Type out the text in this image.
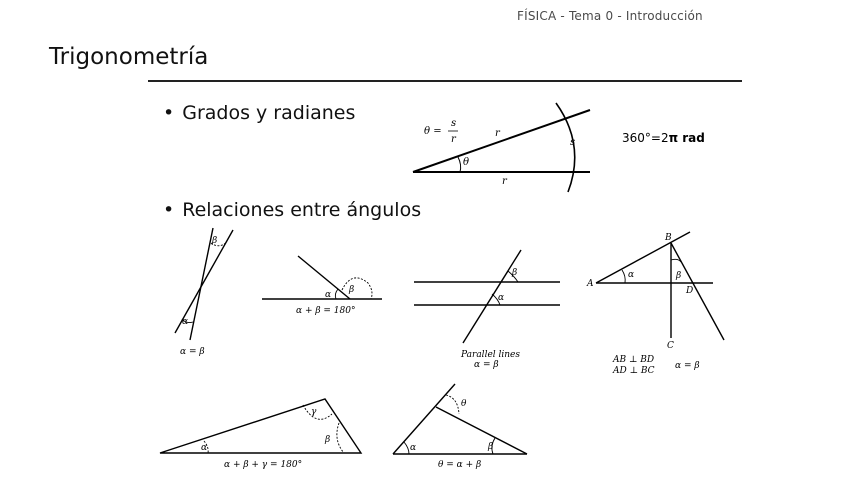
FÍSICA - Tema 0 - Introducción
Trigonometría
• Grados y radianes
• Relaciones entre ángulos
360°=2π rad
θ =
s
r
r
r
s
θ
β
α
α = β
α β
α + β = 180°
β
α
Parallel lines
α = β
A
B
C
D
α	β
AB ⊥ BD
AD ⊥ BC α = β
α
γ
β
α + β + γ = 180°
α	β
θ
θ = α + β
